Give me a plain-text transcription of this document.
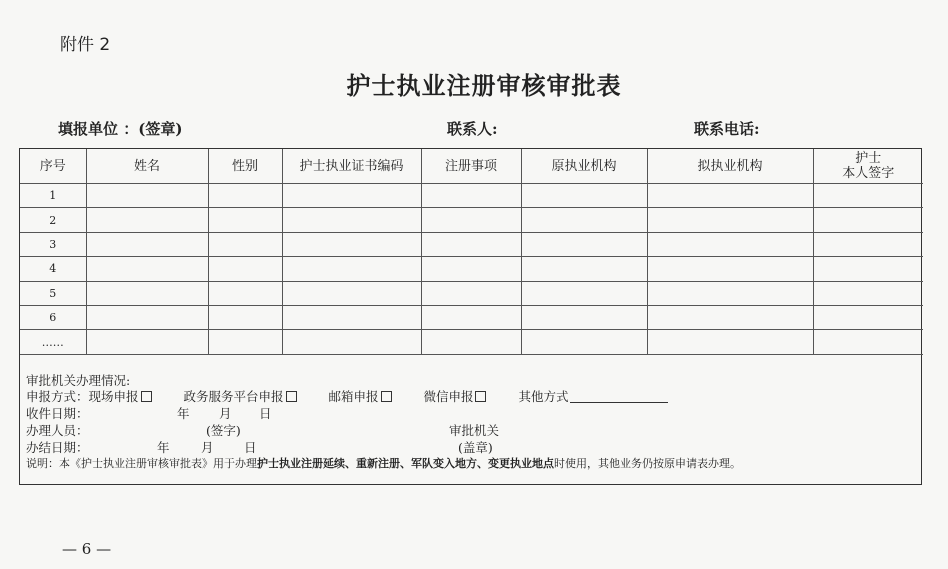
附件 2
护士执业注册审核审批表
填报单位 ：(签章)	联系人:	联系电话:
序号	姓名	性别	护士执业证书编码	注册事项	原执业机构	拟执业机构	护士
本人签字
1							
2							
3							
4							
5							
6							
……							
审批机关办理情况:
申报方式：现场申报	政务服务平台申报	邮箱申报	微信申报	其他方式
收件日期：	年 月 日
办理人员：	(签字)	审批机关
办结日期：	年	月 日	(盖章)
说明：本《护士执业注册审核审批表》用于办理护士执业注册延续、重新注册、军队变入地方、变更执业地点时使用，其他业务仍按原申请表办理。
— 6 —
